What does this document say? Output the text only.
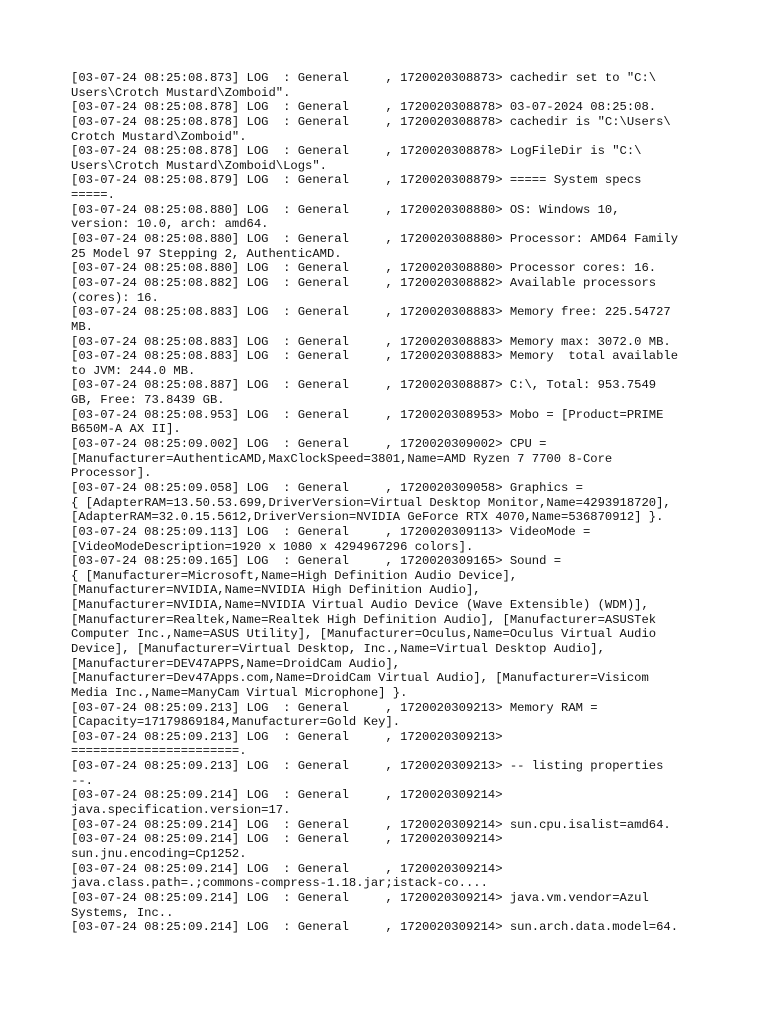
[03-07-24 08:25:08.873] LOG  : General     , 1720020308873> cachedir set to "C:\
Users\Crotch Mustard\Zomboid".
[03-07-24 08:25:08.878] LOG  : General     , 1720020308878> 03-07-2024 08:25:08.
[03-07-24 08:25:08.878] LOG  : General     , 1720020308878> cachedir is "C:\Users\
Crotch Mustard\Zomboid".
[03-07-24 08:25:08.878] LOG  : General     , 1720020308878> LogFileDir is "C:\
Users\Crotch Mustard\Zomboid\Logs".
[03-07-24 08:25:08.879] LOG  : General     , 1720020308879> ===== System specs
=====.
[03-07-24 08:25:08.880] LOG  : General     , 1720020308880> OS: Windows 10,
version: 10.0, arch: amd64.
[03-07-24 08:25:08.880] LOG  : General     , 1720020308880> Processor: AMD64 Family
25 Model 97 Stepping 2, AuthenticAMD.
[03-07-24 08:25:08.880] LOG  : General     , 1720020308880> Processor cores: 16.
[03-07-24 08:25:08.882] LOG  : General     , 1720020308882> Available processors
(cores): 16.
[03-07-24 08:25:08.883] LOG  : General     , 1720020308883> Memory free: 225.54727
MB.
[03-07-24 08:25:08.883] LOG  : General     , 1720020308883> Memory max: 3072.0 MB.
[03-07-24 08:25:08.883] LOG  : General     , 1720020308883> Memory  total available
to JVM: 244.0 MB.
[03-07-24 08:25:08.887] LOG  : General     , 1720020308887> C:\, Total: 953.7549
GB, Free: 73.8439 GB.
[03-07-24 08:25:08.953] LOG  : General     , 1720020308953> Mobo = [Product=PRIME
B650M-A AX II].
[03-07-24 08:25:09.002] LOG  : General     , 1720020309002> CPU =
[Manufacturer=AuthenticAMD,MaxClockSpeed=3801,Name=AMD Ryzen 7 7700 8-Core
Processor].
[03-07-24 08:25:09.058] LOG  : General     , 1720020309058> Graphics =
{ [AdapterRAM=13.50.53.699,DriverVersion=Virtual Desktop Monitor,Name=4293918720],
[AdapterRAM=32.0.15.5612,DriverVersion=NVIDIA GeForce RTX 4070,Name=536870912] }.
[03-07-24 08:25:09.113] LOG  : General     , 1720020309113> VideoMode =
[VideoModeDescription=1920 x 1080 x 4294967296 colors].
[03-07-24 08:25:09.165] LOG  : General     , 1720020309165> Sound =
{ [Manufacturer=Microsoft,Name=High Definition Audio Device],
[Manufacturer=NVIDIA,Name=NVIDIA High Definition Audio],
[Manufacturer=NVIDIA,Name=NVIDIA Virtual Audio Device (Wave Extensible) (WDM)],
[Manufacturer=Realtek,Name=Realtek High Definition Audio], [Manufacturer=ASUSTek
Computer Inc.,Name=ASUS Utility], [Manufacturer=Oculus,Name=Oculus Virtual Audio
Device], [Manufacturer=Virtual Desktop, Inc.,Name=Virtual Desktop Audio],
[Manufacturer=DEV47APPS,Name=DroidCam Audio],
[Manufacturer=Dev47Apps.com,Name=DroidCam Virtual Audio], [Manufacturer=Visicom
Media Inc.,Name=ManyCam Virtual Microphone] }.
[03-07-24 08:25:09.213] LOG  : General     , 1720020309213> Memory RAM =
[Capacity=17179869184,Manufacturer=Gold Key].
[03-07-24 08:25:09.213] LOG  : General     , 1720020309213>
=======================.
[03-07-24 08:25:09.213] LOG  : General     , 1720020309213> -- listing properties
--.
[03-07-24 08:25:09.214] LOG  : General     , 1720020309214>
java.specification.version=17.
[03-07-24 08:25:09.214] LOG  : General     , 1720020309214> sun.cpu.isalist=amd64.
[03-07-24 08:25:09.214] LOG  : General     , 1720020309214>
sun.jnu.encoding=Cp1252.
[03-07-24 08:25:09.214] LOG  : General     , 1720020309214>
java.class.path=.;commons-compress-1.18.jar;istack-co....
[03-07-24 08:25:09.214] LOG  : General     , 1720020309214> java.vm.vendor=Azul
Systems, Inc..
[03-07-24 08:25:09.214] LOG  : General     , 1720020309214> sun.arch.data.model=64.
